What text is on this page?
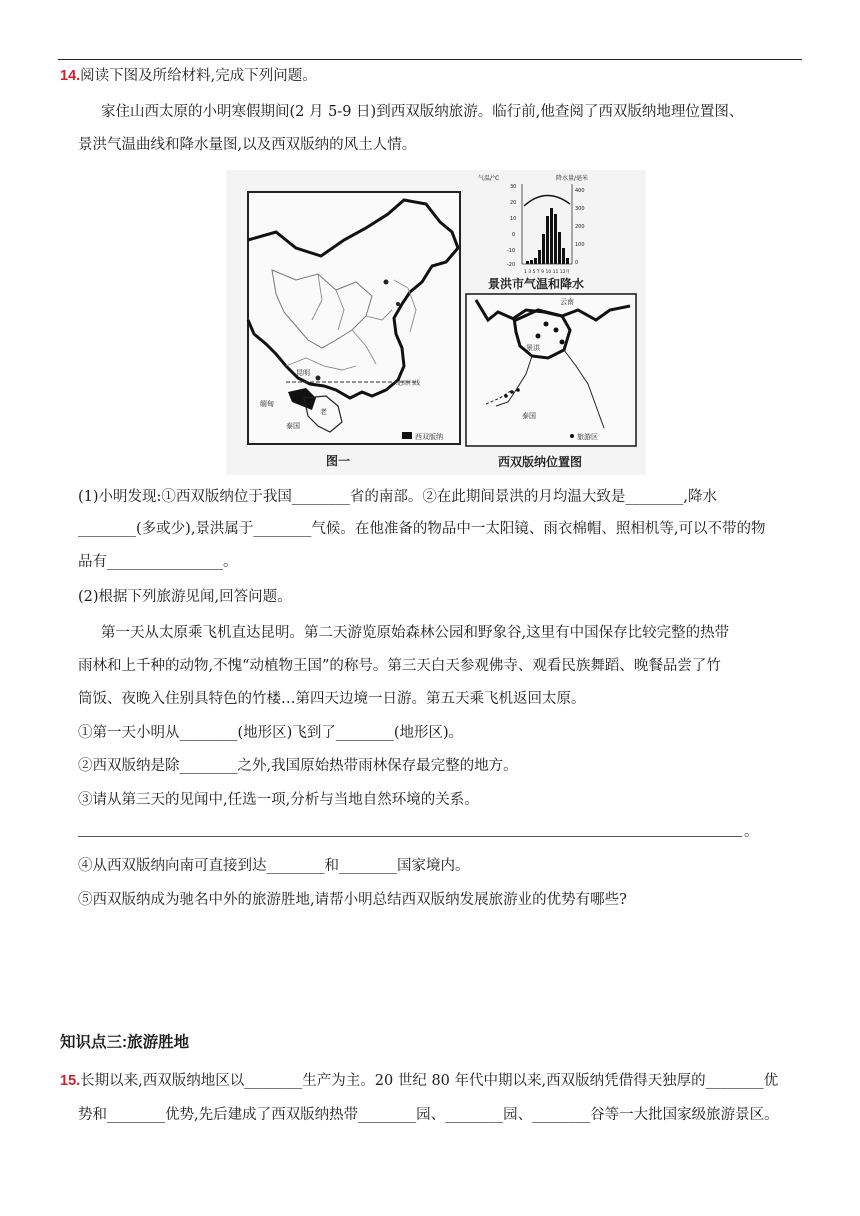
14.阅读下图及所给材料,完成下列问题。
家住山西太原的小明寒假期间(2 月 5-9 日)到西双版纳旅游。临行前,他查阅了西双版纳地理位置图、
景洪气温曲线和降水量图,以及西双版纳的风土人情。
昆明
北回归线
缅甸
老
泰国
西双版纳
图一
气温/°C	降水量/毫米
30
20
10
0
-10
-20
400
300
200
100
0
1 3 5 7 9 10 11 12月
景洪市气温和降水
云南
景洪
泰国
旅游区
西双版纳位置图
(1)小明发现:①西双版纳位于我国________省的南部。②在此期间景洪的月均温大致是________,降水
________(多或少),景洪属于________气候。在他准备的物品中一太阳镜、雨衣棉帽、照相机等,可以不带的物
品有________________。
(2)根据下列旅游见闻,回答问题。
第一天从太原乘飞机直达昆明。第二天游览原始森林公园和野象谷,这里有中国保存比较完整的热带
雨林和上千种的动物,不愧“动植物王国”的称号。第三天白天参观佛寺、观看民族舞蹈、晚餐品尝了竹
筒饭、夜晚入住别具特色的竹楼…第四天边境一日游。第五天乘飞机返回太原。
①第一天小明从________(地形区)飞到了________(地形区)。
②西双版纳是除________之外,我国原始热带雨林保存最完整的地方。
③请从第三天的见闻中,任选一项,分析与当地自然环境的关系。
。
④从西双版纳向南可直接到达________和________国家境内。
⑤西双版纳成为驰名中外的旅游胜地,请帮小明总结西双版纳发展旅游业的优势有哪些?
知识点三:旅游胜地
15.长期以来,西双版纳地区以________生产为主。20 世纪 80 年代中期以来,西双版纳凭借得天独厚的________优
势和________优势,先后建成了西双版纳热带________园、________园、________谷等一大批国家级旅游景区。
